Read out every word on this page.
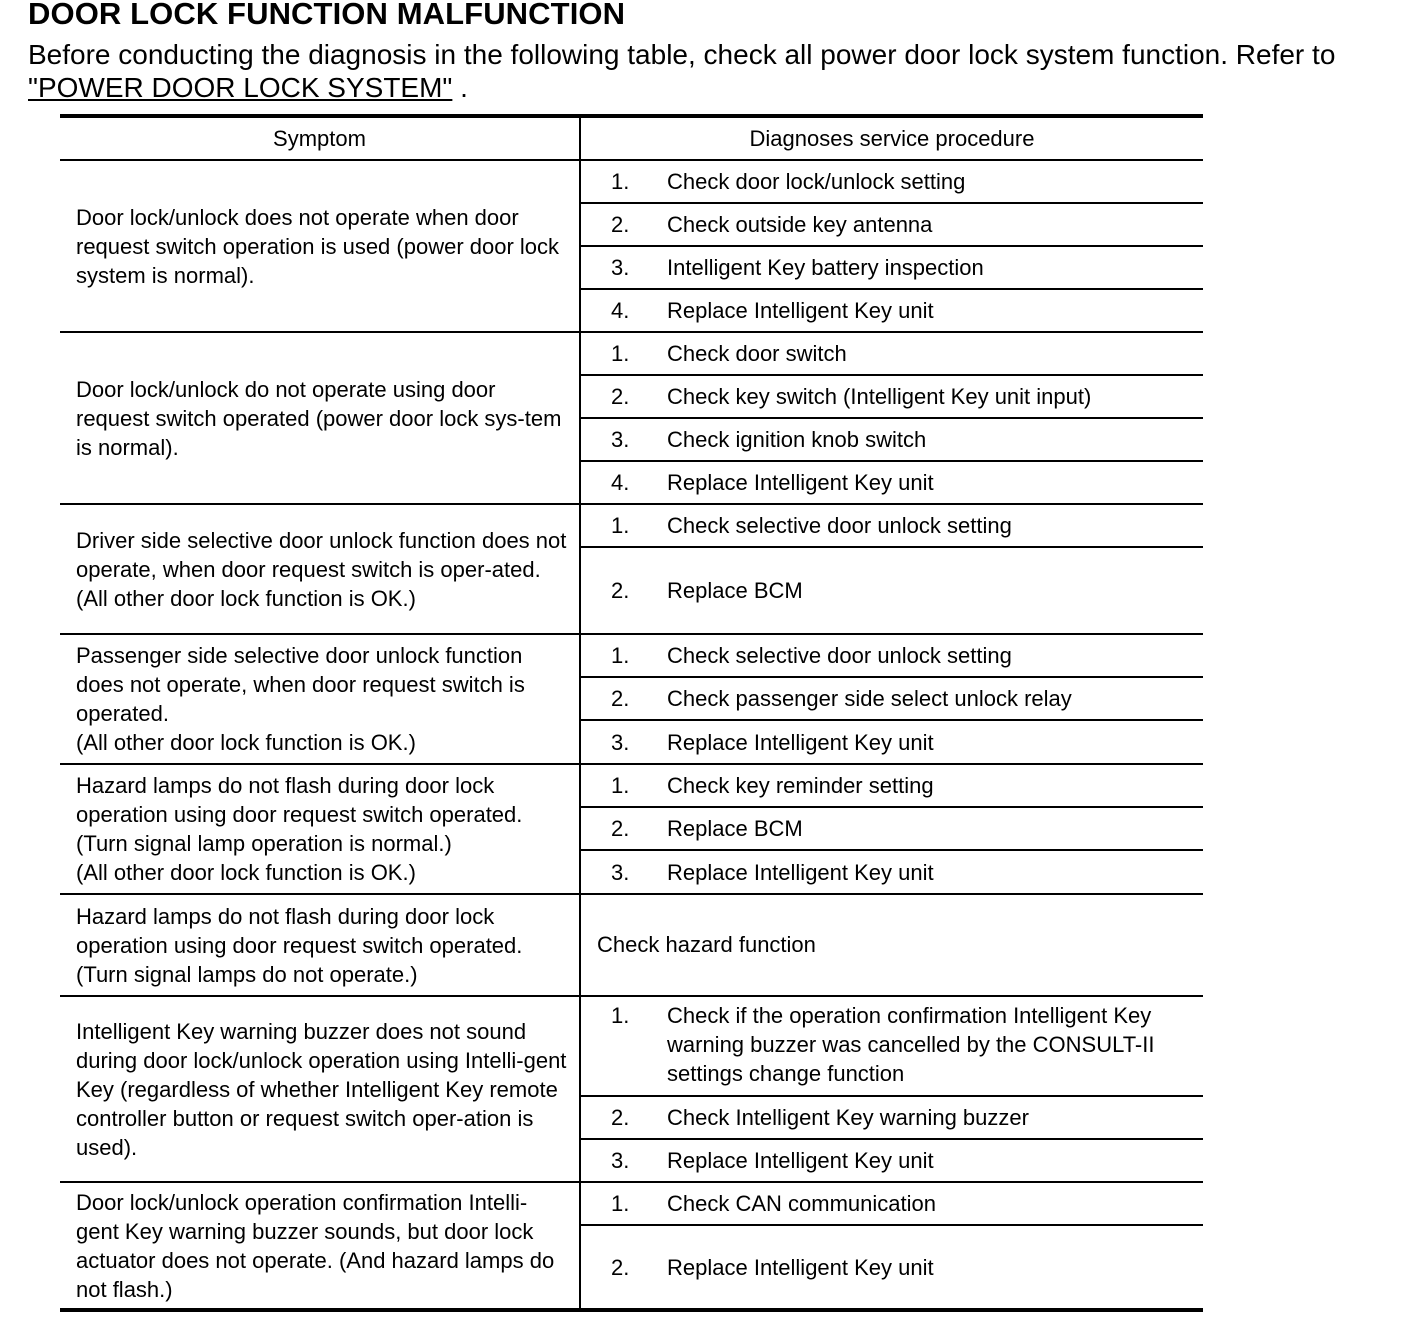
DOOR LOCK FUNCTION MALFUNCTION
Before conducting the diagnosis in the following table, check all power door lock system function. Refer to
"POWER DOOR LOCK SYSTEM" .
Symptom	Diagnoses service procedure	
Door lock/unlock does not operate when door request switch operation is used (power door lock system is normal).	1.	Check door lock/unlock setting
	2.	Check outside key antenna
	3.	Intelligent Key battery inspection
	4.	Replace Intelligent Key unit
Door lock/unlock do not operate using door request switch operated (power door lock sys-tem is normal).	1.	Check door switch
	2.	Check key switch (Intelligent Key unit input)
	3.	Check ignition knob switch
	4.	Replace Intelligent Key unit
Driver side selective door unlock function does not operate, when door request switch is oper-ated.
(All other door lock function is OK.)	1.	Check selective door unlock setting
	2.	Replace BCM
Passenger side selective door unlock function does not operate, when door request switch is operated.
(All other door lock function is OK.)	1.	Check selective door unlock setting
	2.	Check passenger side select unlock relay
	3.	Replace Intelligent Key unit
Hazard lamps do not flash during door lock operation using door request switch operated.
(Turn signal lamp operation is normal.)
(All other door lock function is OK.)	1.	Check key reminder setting
	2.	Replace BCM
	3.	Replace Intelligent Key unit
Hazard lamps do not flash during door lock operation using door request switch operated.
(Turn signal lamps do not operate.)	Check hazard function	
Intelligent Key warning buzzer does not sound during door lock/unlock operation using Intelli-gent Key (regardless of whether Intelligent Key remote controller button or request switch oper-ation is used).	1.	Check if the operation confirmation Intelligent Key warning buzzer was cancelled by the CONSULT-II settings change function
	2.	Check Intelligent Key warning buzzer
	3.	Replace Intelligent Key unit
Door lock/unlock operation confirmation Intelli-gent Key warning buzzer sounds, but door lock actuator does not operate. (And hazard lamps do not flash.)	1.	Check CAN communication
	2.	Replace Intelligent Key unit
